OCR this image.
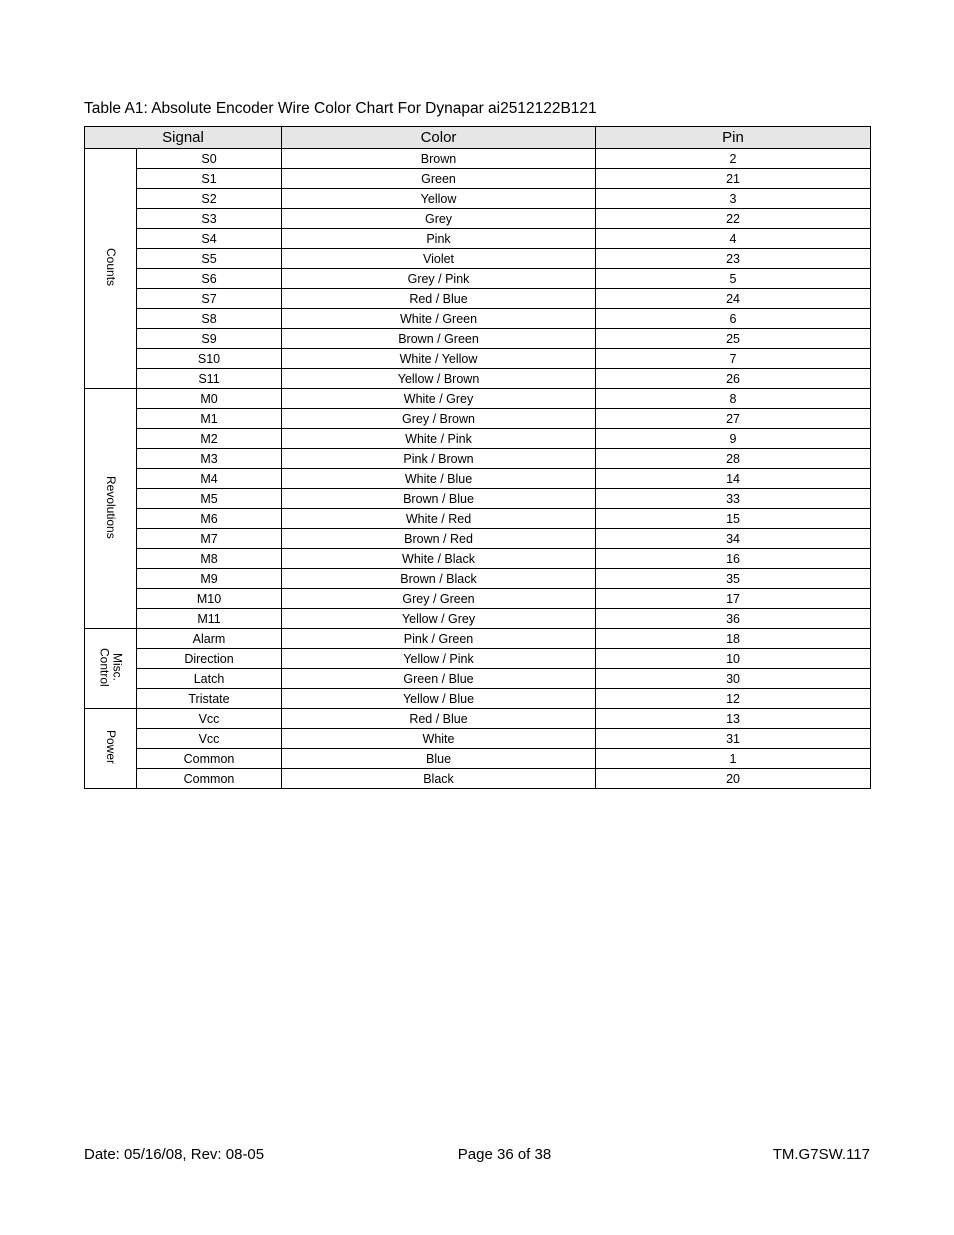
Table A1: Absolute Encoder Wire Color Chart For Dynapar ai2512122B121
Signal		Color	Pin
Counts	S0	Brown	2
	S1	Green	21
	S2	Yellow	3
	S3	Grey	22
	S4	Pink	4
	S5	Violet	23
	S6	Grey / Pink	5
	S7	Red / Blue	24
	S8	White / Green	6
	S9	Brown / Green	25
	S10	White / Yellow	7
	S11	Yellow / Brown	26
Revolutions	M0	White / Grey	8
	M1	Grey / Brown	27
	M2	White / Pink	9
	M3	Pink / Brown	28
	M4	White / Blue	14
	M5	Brown / Blue	33
	M6	White / Red	15
	M7	Brown / Red	34
	M8	White / Black	16
	M9	Brown / Black	35
	M10	Grey / Green	17
	M11	Yellow / Grey	36
Misc.
Control	Alarm	Pink / Green	18
	Direction	Yellow / Pink	10
	Latch	Green / Blue	30
	Tristate	Yellow / Blue	12
Power	Vcc	Red / Blue	13
	Vcc	White	31
	Common	Blue	1
	Common	Black	20
Date: 05/16/08, Rev: 08-05	Page 36 of 38	TM.G7SW.117
